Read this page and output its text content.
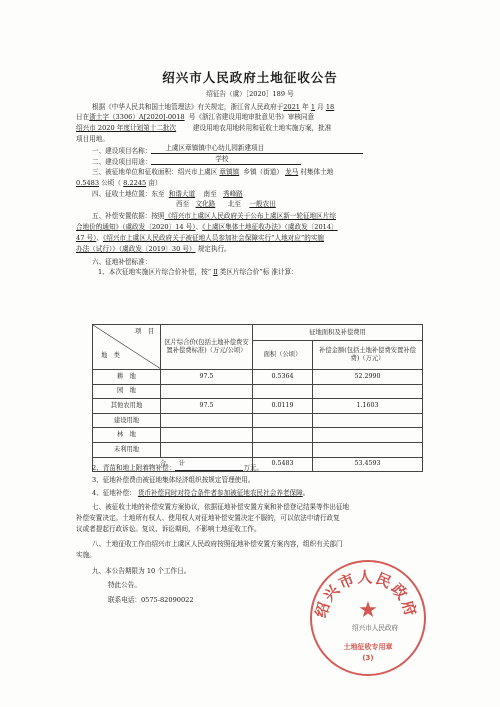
绍兴市人民政府土地征收公告
绍征告（虞）［2020］189 号
根据《中华人民共和国土地管理法》有关规定，浙江省人民政府于2021 年 1 月 18
日在浙土字（3306）A[2020]-0018 号《浙江省建设用地审批意见书》审核同意
绍兴市 2020 年度计划第十二批次	建设用地农用地转用和征收土地实施方案，批准
项目用地。
一、建设项目名称： 上虞区章镇镇中心幼儿园新建项目
二、建设项目用途：	学校
三、被征地单位和征收面积：绍兴市上虞区 章镇镇 乡镇（街道） 龙马 村集体土地
0.5483 公顷（ 8.2245 亩）
四、征收土地位置：东至 和谐大道 南至 秀峰路
西至 文化路 北至 一般农田
五、补偿安置依据：按照《绍兴市上虞区人民政府关于公布上虞区新一轮征地区片综
合地价的通知》（虞政发〔2020〕14 号）、《上虞区集体土地征收办法》（虞政发〔2014〕
47 号）、《绍兴市上虞区人民政府关于被征地人员参加社会保障实行“人地对应”的实施
办法（试行）》（虞政发〔2019〕30 号） 规定执行。
六、征地补偿标准：
1、本次征地实施区片综合价补偿，按“ Ⅱ 类区片综合价”标 准计算：
项　目
地　类	区片综合价(包括土地补偿费安置补偿费标准)（万元/公顷）	征地面积及补偿费用	
		面积（公顷）	补偿金额(包括土地补偿费安置补偿费)（万元）
耕　地	97.5	0.5364	52.2990
园　地			
其他农用地	97.5	0.0119	1.1603
建设用地			
林　地			
未利用地			
合　　计		0.5483	53.4593
2、青苗和地上附着物补偿：	万元。
3、征地补偿费由被征地集体经济组织按规定管理使用。
4、征地补偿： 货币补偿同时对符合条件者参加被征地农民社会养老保障。
七、被征收土地的补偿安置方案协议，依据征地补偿安置方案和补偿登记结果等作出征地
补偿安置决定。土地所有权人、使用权人对征地补偿安置决定不服的，可以依法申请行政复
议或者提起行政诉讼。复议、诉讼期间，不影响土地征收工作。
八、土地征收工作由绍兴市上虞区人民政府按照征地补偿安置方案内容，组织有关部门
实施。
九、本公告期限为 10 个工作日。
特此公告。
联系电话：0575-82090022	绍兴市人民政府
★
土地征收专用章
(3)
绍兴市人民政府
